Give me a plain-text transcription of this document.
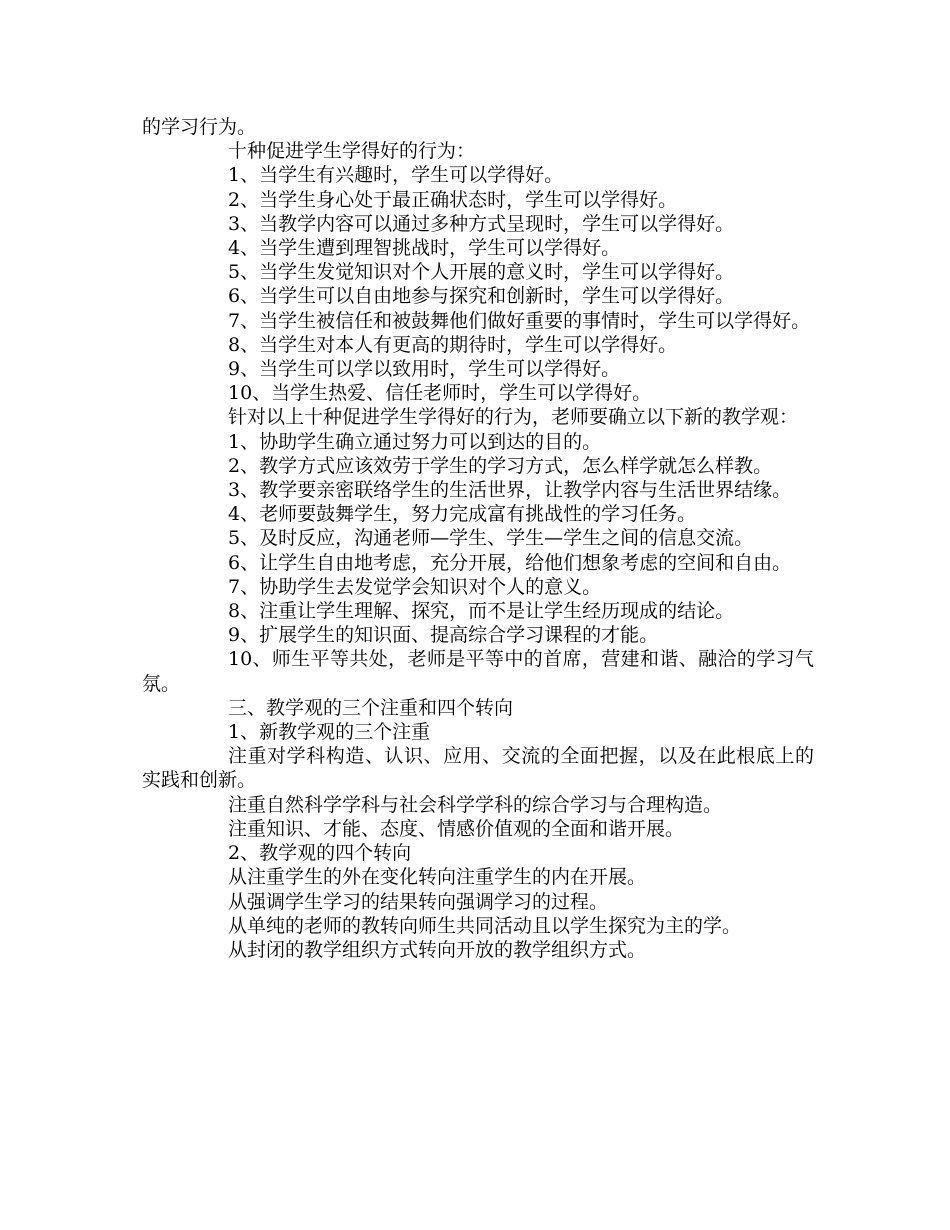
的学习行为。

十种促进学生学得好的行为：

1、当学生有兴趣时，学生可以学得好。

2、当学生身心处于最正确状态时，学生可以学得好。

3、当教学内容可以通过多种方式呈现时，学生可以学得好。

4、当学生遭到理智挑战时，学生可以学得好。

5、当学生发觉知识对个人开展的意义时，学生可以学得好。

6、当学生可以自由地参与探究和创新时，学生可以学得好。

7、当学生被信任和被鼓舞他们做好重要的事情时，学生可以学得好。

8、当学生对本人有更高的期待时，学生可以学得好。

9、当学生可以学以致用时，学生可以学得好。

10、当学生热爱、信任老师时，学生可以学得好。

针对以上十种促进学生学得好的行为，老师要确立以下新的教学观：

1、协助学生确立通过努力可以到达的目的。

2、教学方式应该效劳于学生的学习方式，怎么样学就怎么样教。

3、教学要亲密联络学生的生活世界，让教学内容与生活世界结缘。

4、老师要鼓舞学生，努力完成富有挑战性的学习任务。

5、及时反应，沟通老师—学生、学生—学生之间的信息交流。

6、让学生自由地考虑，充分开展，给他们想象考虑的空间和自由。

7、协助学生去发觉学会知识对个人的意义。

8、注重让学生理解、探究，而不是让学生经历现成的结论。

9、扩展学生的知识面、提高综合学习课程的才能。

10、师生平等共处，老师是平等中的首席，营建和谐、融洽的学习气氛。

三、教学观的三个注重和四个转向

1、新教学观的三个注重

注重对学科构造、认识、应用、交流的全面把握，以及在此根底上的实践和创新。

注重自然科学学科与社会科学学科的综合学习与合理构造。

注重知识、才能、态度、情感价值观的全面和谐开展。

2、教学观的四个转向

从注重学生的外在变化转向注重学生的内在开展。

从强调学生学习的结果转向强调学习的过程。

从单纯的老师的教转向师生共同活动且以学生探究为主的学。

从封闭的教学组织方式转向开放的教学组织方式。
